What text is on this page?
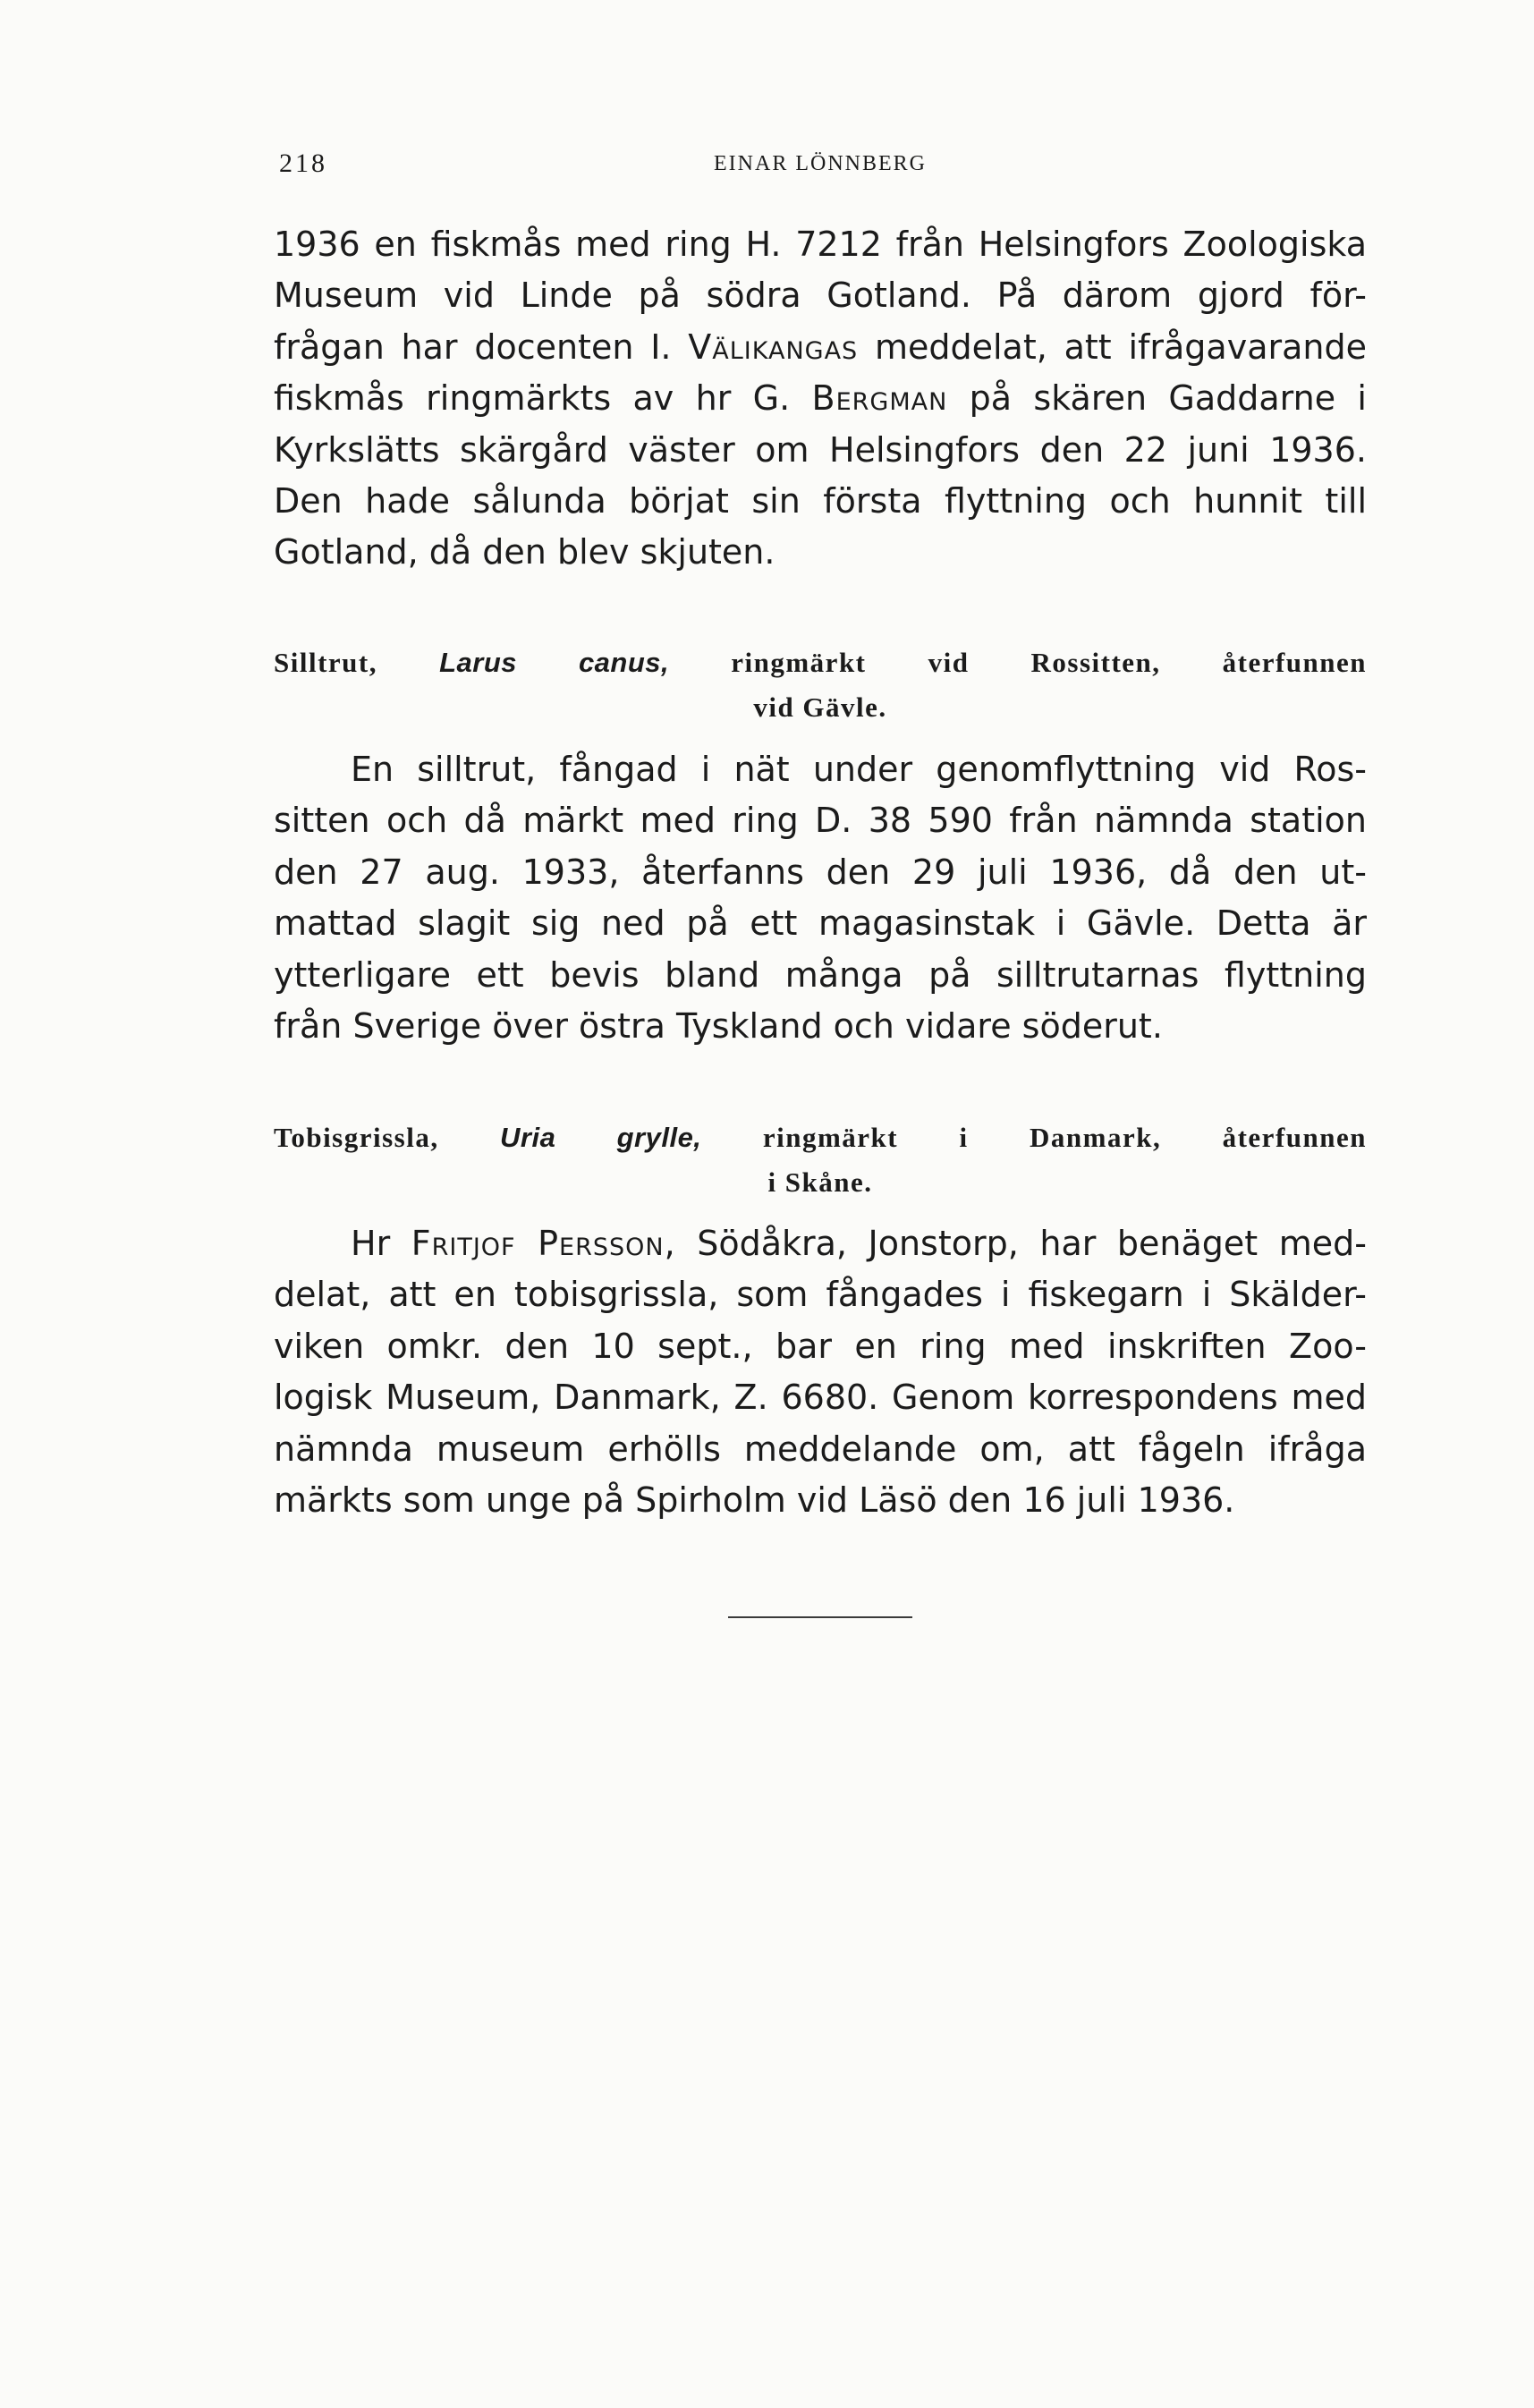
218	EINAR LÖNNBERG
1936 en fiskmås med ring H. 7212 från Helsingfors Zoologiska
Museum vid Linde på södra Gotland. På därom gjord för-
frågan har docenten I. Välikangas meddelat, att ifrågavarande
fiskmås ringmärkts av hr G. Bergman på skären Gaddarne i
Kyrkslätts skärgård väster om Helsingfors den 22 juni 1936.
Den hade sålunda börjat sin första flyttning och hunnit till
Gotland, då den blev skjuten.
Silltrut, Larus canus, ringmärkt vid Rossitten, återfunnen
vid Gävle.
En silltrut, fångad i nät under genomflyttning vid Ros-
sitten och då märkt med ring D. 38 590 från nämnda station
den 27 aug. 1933, återfanns den 29 juli 1936, då den ut-
mattad slagit sig ned på ett magasinstak i Gävle. Detta är
ytterligare ett bevis bland många på silltrutarnas flyttning
från Sverige över östra Tyskland och vidare söderut.
Tobisgrissla, Uria grylle, ringmärkt i Danmark, återfunnen
i Skåne.
Hr Fritjof Persson, Södåkra, Jonstorp, har benäget med-
delat, att en tobisgrissla, som fångades i fiskegarn i Skälder-
viken omkr. den 10 sept., bar en ring med inskriften Zoo-
logisk Museum, Danmark, Z. 6680. Genom korrespondens med
nämnda museum erhölls meddelande om, att fågeln ifråga
märkts som unge på Spirholm vid Läsö den 16 juli 1936.
